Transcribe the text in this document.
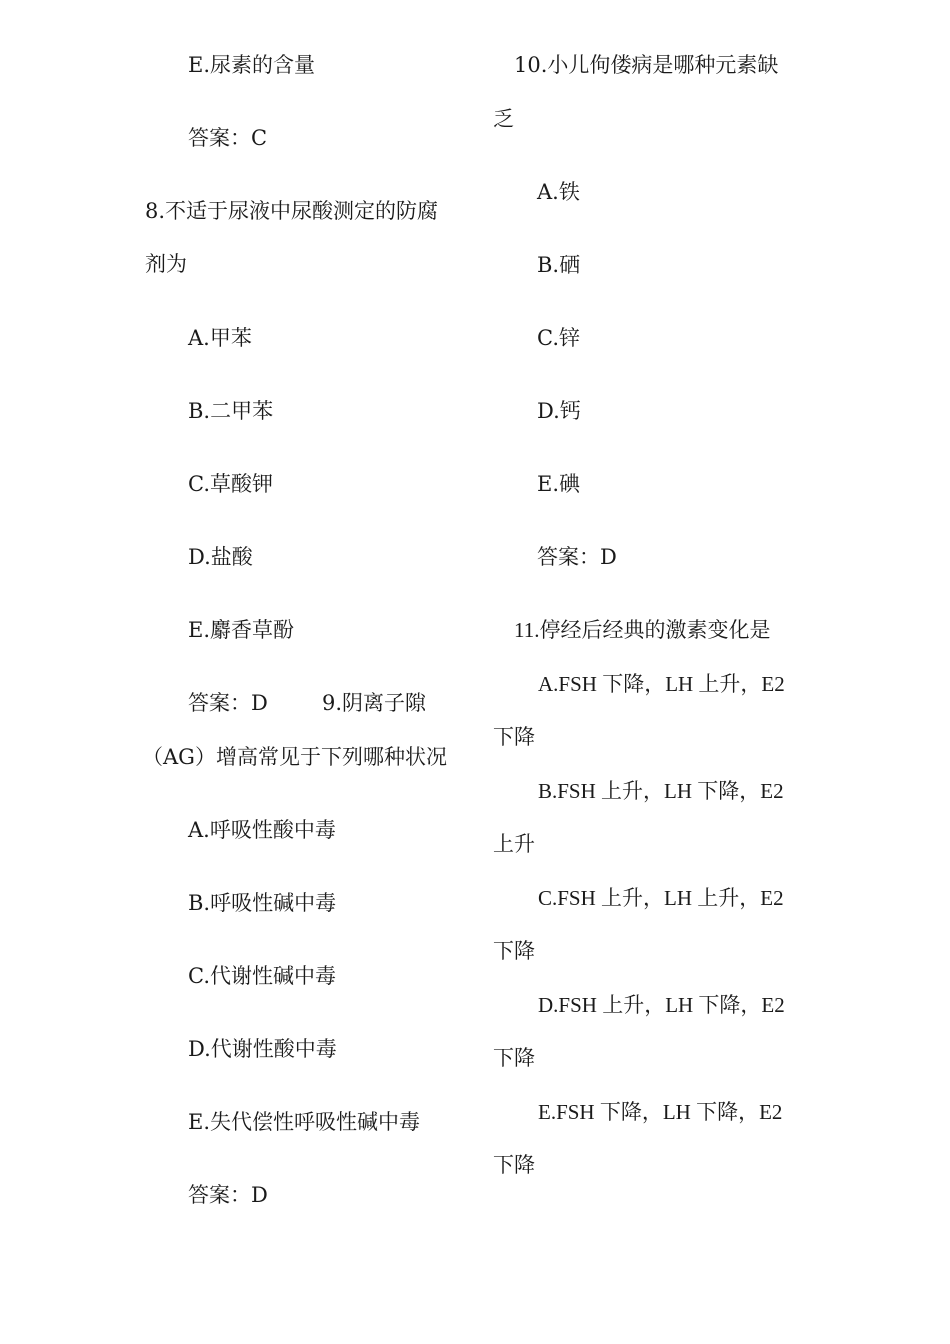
E.尿素的含量
答案：C
8.不适于尿液中尿酸测定的防腐
剂为
A.甲苯
B.二甲苯
C.草酸钾
D.盐酸
E.麝香草酚
答案：D	9.阴离子隙
（AG）增高常见于下列哪种状况
A.呼吸性酸中毒
B.呼吸性碱中毒
C.代谢性碱中毒
D.代谢性酸中毒
E.失代偿性呼吸性碱中毒
答案：D
10.小儿佝偻病是哪种元素缺
乏
A.铁
B.硒
C.锌
D.钙
E.碘
答案：D
11.停经后经典的激素变化是
A.FSH 下降，LH 上升，E2
下降
B.FSH 上升，LH 下降，E2
上升
C.FSH 上升，LH 上升，E2
下降
D.FSH 上升，LH 下降，E2
下降
E.FSH 下降，LH 下降，E2
下降
